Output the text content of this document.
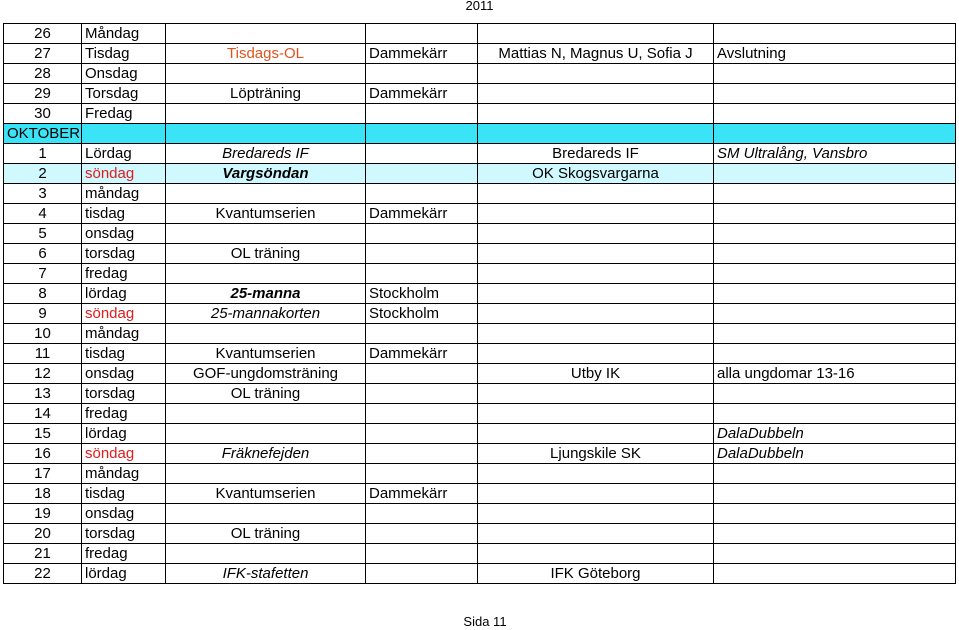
2011
26	Måndag				
27	Tisdag	Tisdags-OL	Dammekärr	Mattias N, Magnus U, Sofia J	Avslutning
28	Onsdag				
29	Torsdag	Löpträning	Dammekärr		
30	Fredag				
OKTOBER					
1	Lördag	Bredareds IF		Bredareds IF	SM Ultralång, Vansbro
2	söndag	Vargsöndan		OK Skogsvargarna	
3	måndag				
4	tisdag	Kvantumserien	Dammekärr		
5	onsdag				
6	torsdag	OL träning			
7	fredag				
8	lördag	25-manna	Stockholm		
9	söndag	25-mannakorten	Stockholm		
10	måndag				
11	tisdag	Kvantumserien	Dammekärr		
12	onsdag	GOF-ungdomsträning		Utby IK	alla ungdomar 13-16
13	torsdag	OL träning			
14	fredag				
15	lördag				DalaDubbeln
16	söndag	Fräknefejden		Ljungskile SK	DalaDubbeln
17	måndag				
18	tisdag	Kvantumserien	Dammekärr		
19	onsdag				
20	torsdag	OL träning			
21	fredag				
22	lördag	IFK-stafetten		IFK Göteborg	
Sida 11
